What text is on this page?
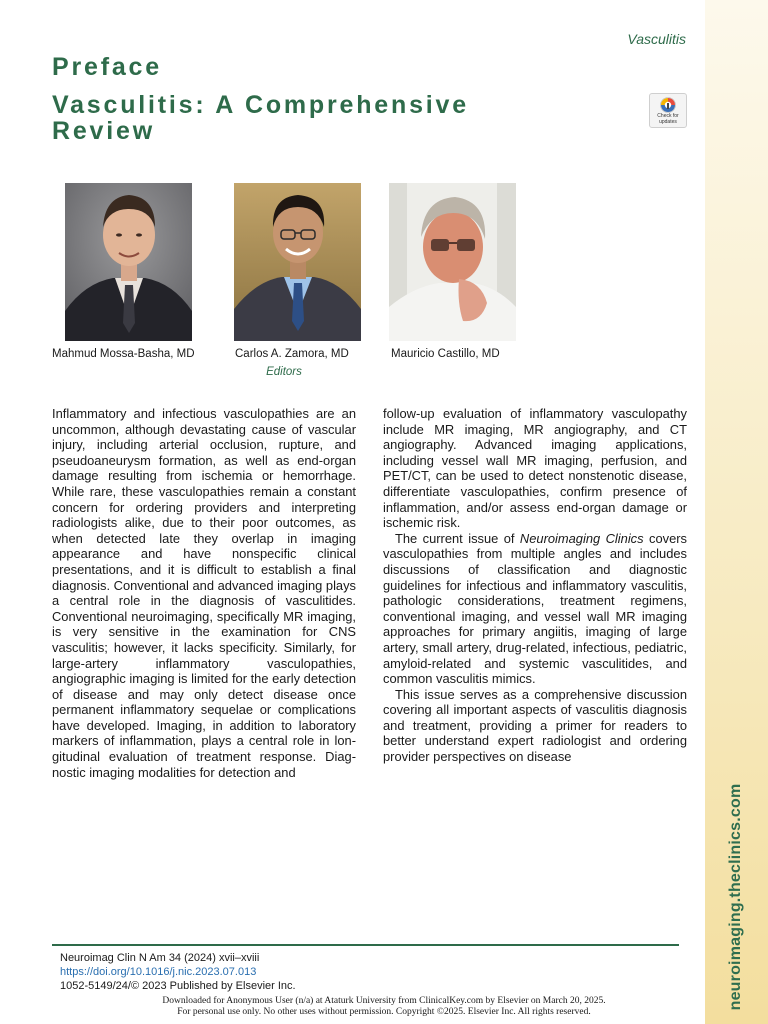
neuroimaging.theclinics.com
Vasculitis
Preface
Vasculitis: A Comprehensive
Review
Check for updates
Mahmud Mossa-Basha, MD	Carlos A. Zamora, MD	Mauricio Castillo, MD
Editors

Inflammatory and infectious vasculopathies are an uncommon, although devastating cause of vascular injury, including arterial occlusion, rupture, and pseudoaneurysm formation, as well as end-organ damage resulting from ischemia or hemorrhage. While rare, these vasculopathies remain a constant concern for ordering providers and interpreting radiologists alike, due to their poor outcomes, as when detected late they overlap in imaging appearance and have nonspecific clinical presentations, and it is difficult to establish a final diagnosis. Conventional and advanced imaging plays a central role in the diagnosis of vasculitides. Conventional neuroimaging, specifically MR imaging, is very sensitive in the examination for CNS vasculitis; however, it lacks specificity. Similarly, for large-artery inflammatory vasculopathies, angiographic imaging is limited for the early detection of disease and may only detect disease once permanent inflammatory sequelae or complications have developed. Imaging, in addition to laboratory markers of inflammation, plays a central role in longitudinal evaluation of treatment response. Diagnostic imaging modalities for detection and

follow-up evaluation of inflammatory vasculopathy include MR imaging, MR angiography, and CT angiography. Advanced imaging applications, including vessel wall MR imaging, perfusion, and PET/CT, can be used to detect nonstenotic disease, differentiate vasculopathies, confirm presence of inflammation, and/or assess end-organ damage or ischemic risk.

The current issue of Neuroimaging Clinics covers vasculopathies from multiple angles and includes discussions of classification and diagnostic guidelines for infectious and inflammatory vasculitis, pathologic considerations, treatment regimens, conventional imaging, and vessel wall MR imaging approaches for primary angiitis, imaging of large artery, small artery, drug-related, infectious, pediatric, amyloid-related and systemic vasculitides, and common vasculitis mimics.

This issue serves as a comprehensive discussion covering all important aspects of vasculitis diagnosis and treatment, providing a primer for readers to better understand expert radiologist and ordering provider perspectives on disease

Neuroimag Clin N Am 34 (2024) xvii–xviii
https://doi.org/10.1016/j.nic.2023.07.013
1052-5149/24/© 2023 Published by Elsevier Inc.
Downloaded for Anonymous User (n/a) at Ataturk University from ClinicalKey.com by Elsevier on March 20, 2025.
For personal use only. No other uses without permission. Copyright ©2025. Elsevier Inc. All rights reserved.
